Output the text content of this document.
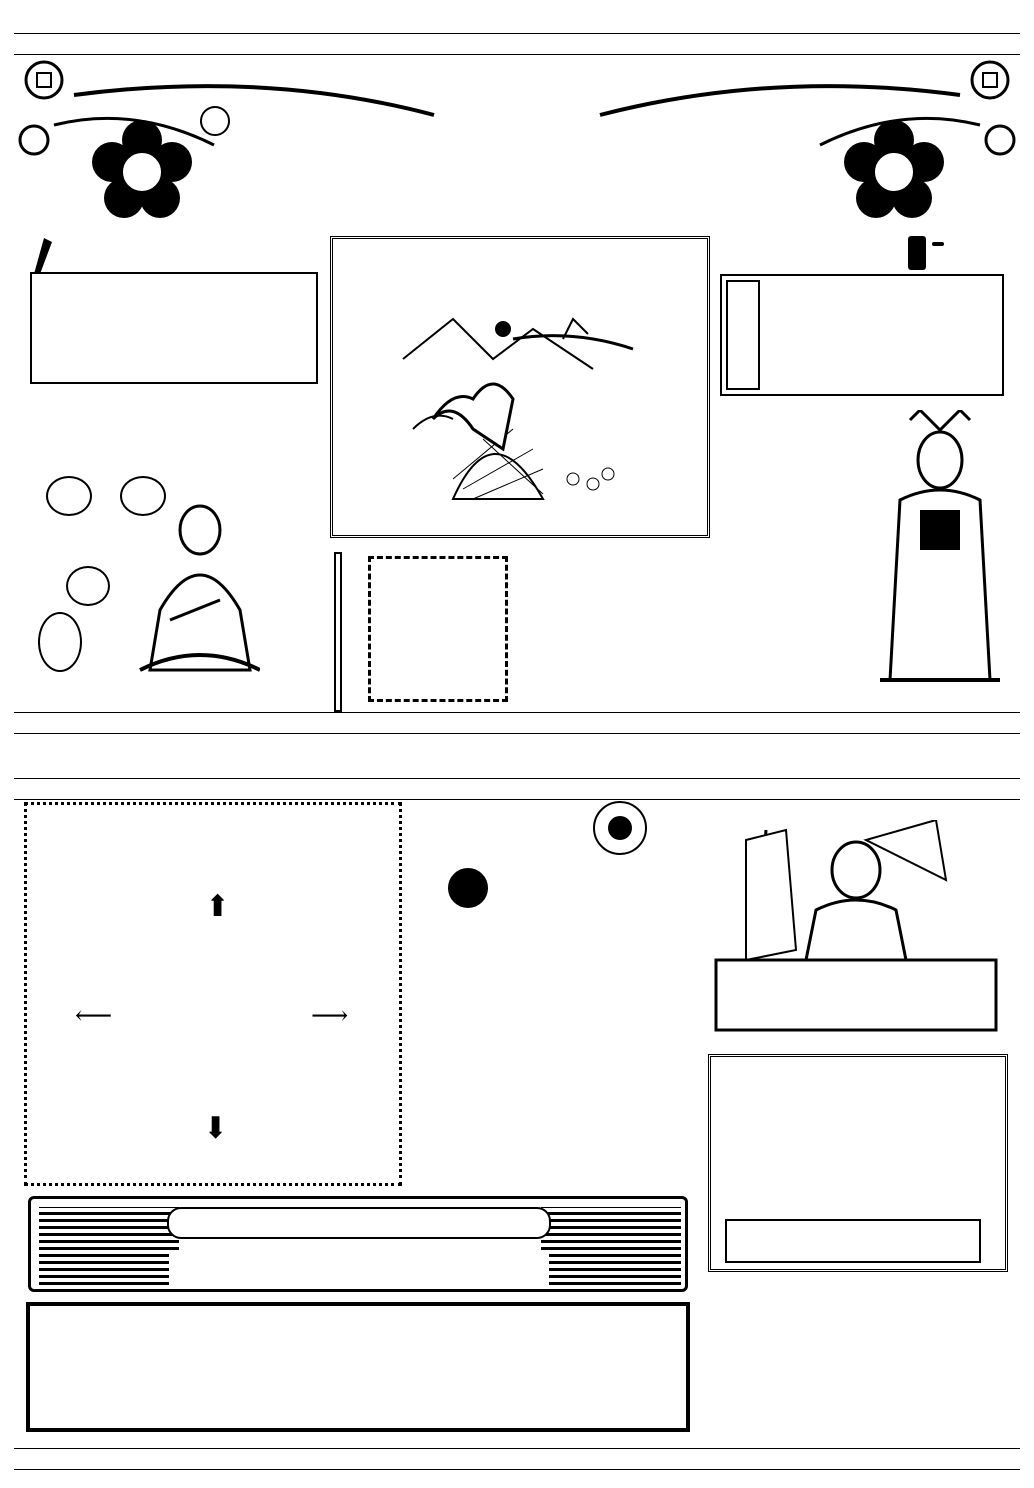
⬆
⟵	⟶
⬇
